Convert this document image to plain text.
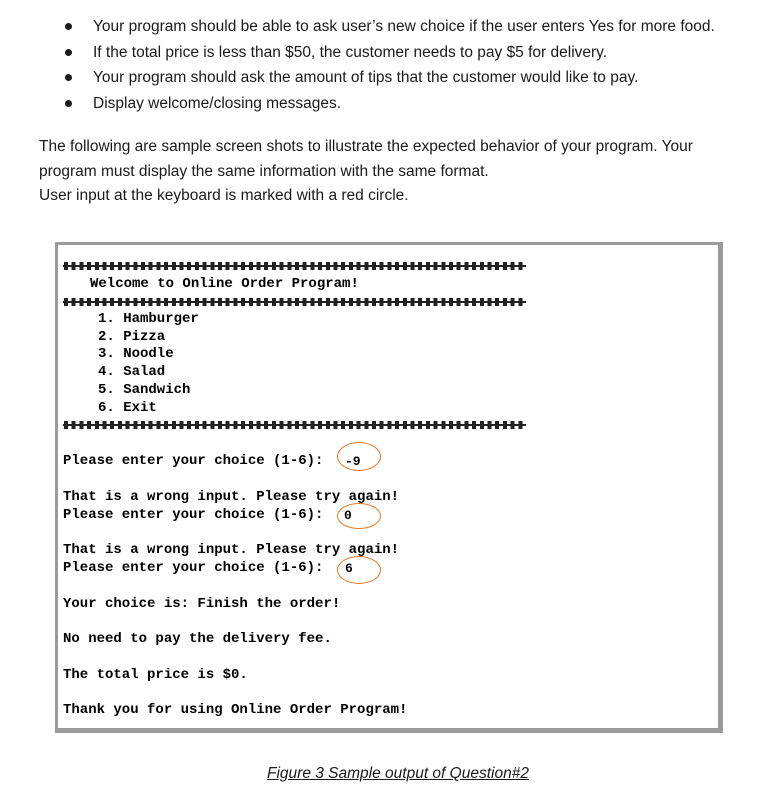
Your program should be able to ask user’s new choice if the user enters Yes for more food.
If the total price is less than $50, the customer needs to pay $5 for delivery.
Your program should ask the amount of tips that the customer would like to pay.
Display welcome/closing messages.
The following are sample screen shots to illustrate the expected behavior of your program. Your
program must display the same information with the same format.
User input at the keyboard is marked with a red circle.
Welcome to Online Order Program!
1. Hamburger
2. Pizza
3. Noodle
4. Salad
5. Sandwich
6. Exit
Please enter your choice (1-6): -9
That is a wrong input. Please try again!
Please enter your choice (1-6): 0
That is a wrong input. Please try again!
Please enter your choice (1-6): 6
Your choice is: Finish the order!
No need to pay the delivery fee.
The total price is $0.
Thank you for using Online Order Program!
Figure 3 Sample output of Question#2
